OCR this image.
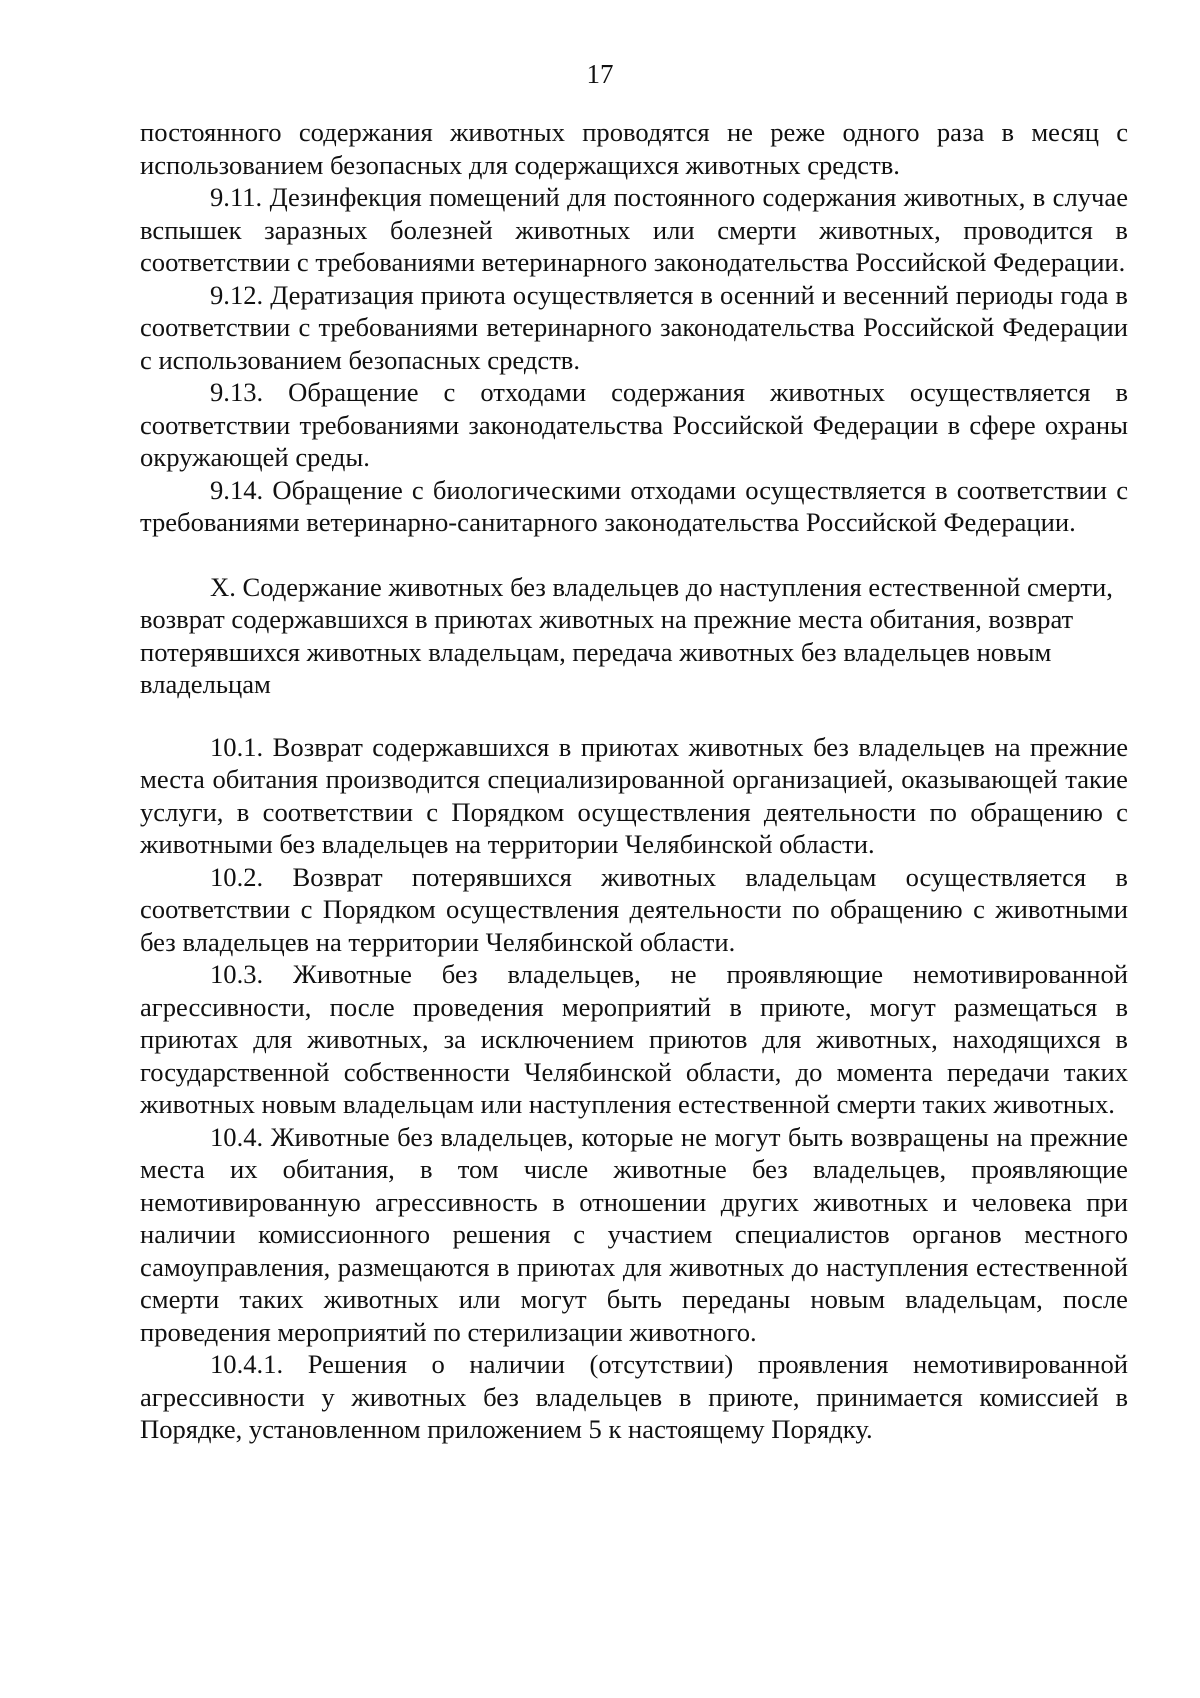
17

постоянного содержания животных проводятся не реже одного раза в месяц с использованием безопасных для содержащихся животных средств.

9.11. Дезинфекция помещений для постоянного содержания животных, в случае вспышек заразных болезней животных или смерти животных, проводится в соответствии с требованиями ветеринарного законодательства Российской Федерации.

9.12. Дератизация приюта осуществляется в осенний и весенний периоды года в соответствии с требованиями ветеринарного законодательства Российской Федерации с использованием безопасных средств.

9.13. Обращение с отходами содержания животных осуществляется в соответствии требованиями законодательства Российской Федерации в сфере охраны окружающей среды.

9.14. Обращение с биологическими отходами осуществляется в соответствии с требованиями ветеринарно-санитарного законодательства Российской Федерации.

X. Содержание животных без владельцев до наступления естественной смерти, возврат содержавшихся в приютах животных на прежние места обитания, возврат потерявшихся животных владельцам, передача животных без владельцев новым владельцам

10.1. Возврат содержавшихся в приютах животных без владельцев на прежние места обитания производится специализированной организацией, оказывающей такие услуги, в соответствии с Порядком осуществления деятельности по обращению с животными без владельцев на территории Челябинской области.

10.2. Возврат потерявшихся животных владельцам осуществляется в соответствии с Порядком осуществления деятельности по обращению с животными без владельцев на территории Челябинской области.

10.3. Животные без владельцев, не проявляющие немотивированной агрессивности, после проведения мероприятий в приюте, могут размещаться в приютах для животных, за исключением приютов для животных, находящихся в государственной собственности Челябинской области, до момента передачи таких животных новым владельцам или наступления естественной смерти таких животных.

10.4. Животные без владельцев, которые не могут быть возвращены на прежние места их обитания, в том числе животные без владельцев, проявляющие немотивированную агрессивность в отношении других животных и человека при наличии комиссионного решения с участием специалистов органов местного самоуправления, размещаются в приютах для животных до наступления естественной смерти таких животных или могут быть переданы новым владельцам, после проведения мероприятий по стерилизации животного.

10.4.1. Решения о наличии (отсутствии) проявления немотивированной агрессивности у животных без владельцев в приюте, принимается комиссией в Порядке, установленном приложением 5 к настоящему Порядку.
